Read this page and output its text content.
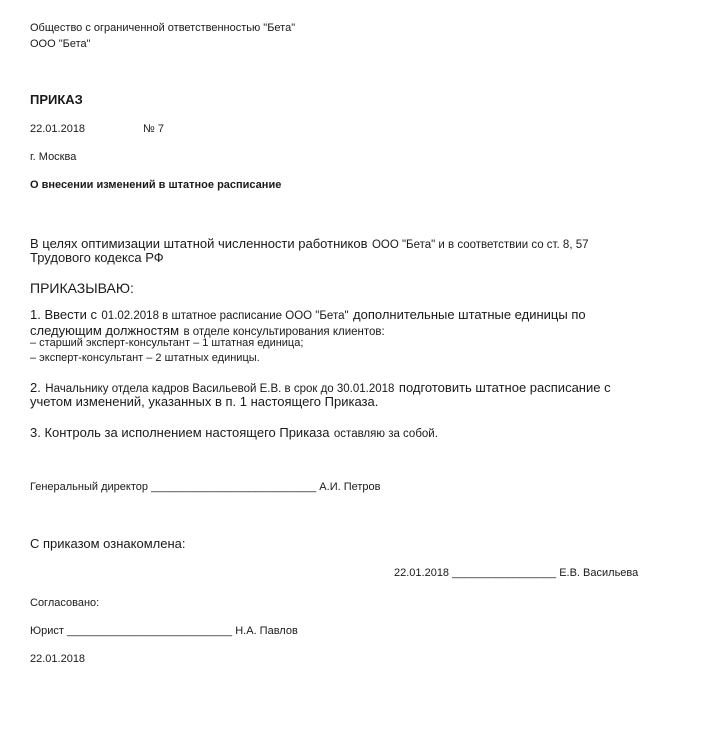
Общество с ограниченной ответственностью "Бета"
ООО "Бета"
ПРИКАЗ
22.01.2018	№ 7
г. Москва
О внесении изменений в штатное расписание
В целях оптимизации штатной численности работников ООО "Бета" и в соответствии со ст. 8, 57
Трудового кодекса РФ
ПРИКАЗЫВАЮ:
1. Ввести с 01.02.2018 в штатное расписание ООО "Бета" дополнительные штатные единицы по
следующим должностям в отделе консультирования клиентов:
– старший эксперт-консультант – 1 штатная единица;
– эксперт-консультант – 2 штатных единицы.
2. Начальнику отдела кадров Васильевой Е.В. в срок до 30.01.2018 подготовить штатное расписание с
учетом изменений, указанных в п. 1 настоящего Приказа.
3. Контроль за исполнением настоящего Приказа оставляю за собой.
Генеральный директор ___________________________ А.И. Петров
С приказом ознакомлена:
22.01.2018 _________________ Е.В. Васильева
Согласовано:
Юрист ___________________________ Н.А. Павлов
22.01.2018
